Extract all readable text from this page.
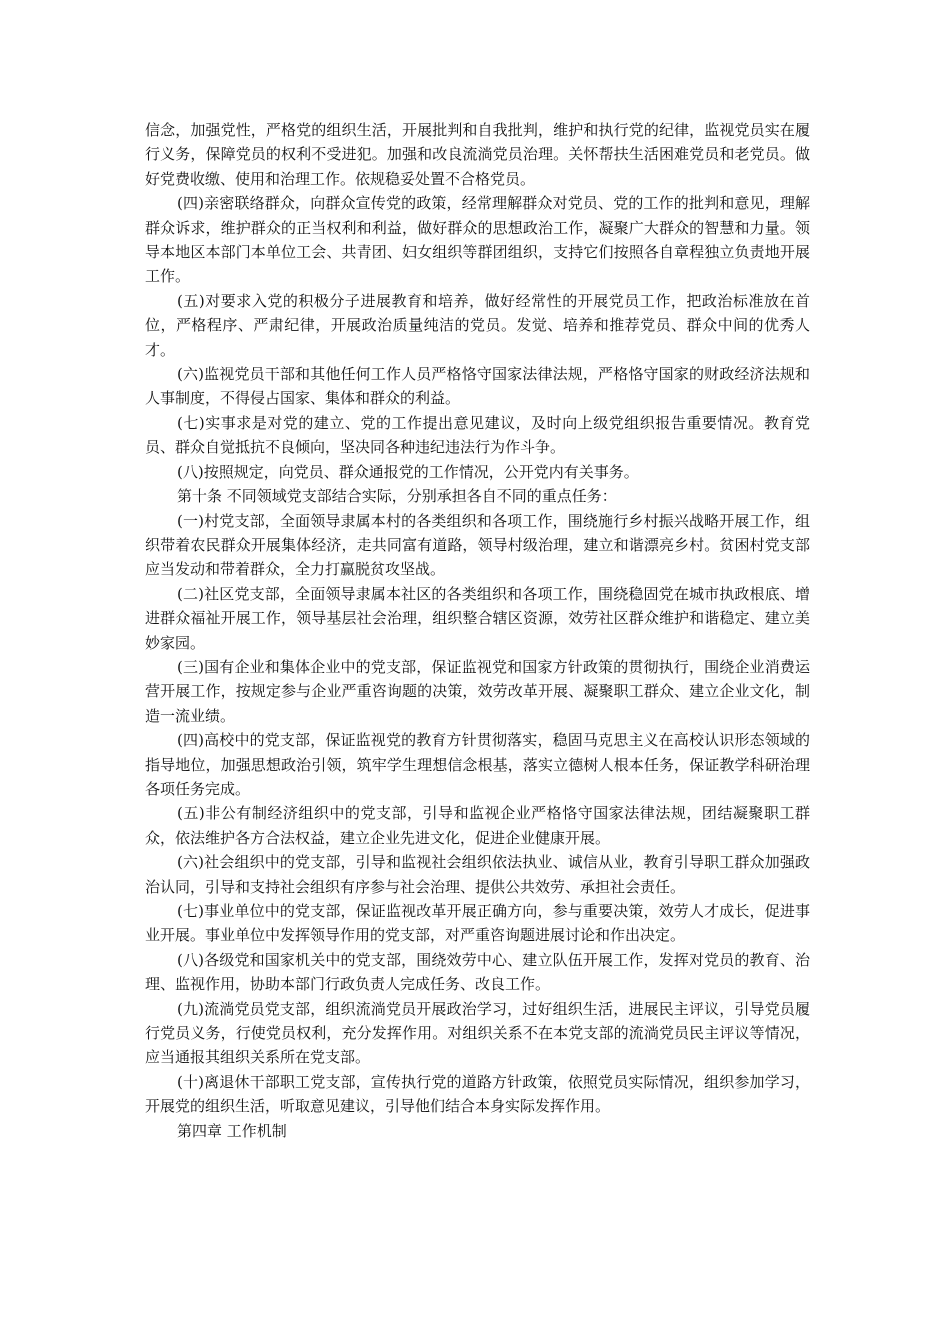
信念，加强党性，严格党的组织生活，开展批判和自我批判，维护和执行党的纪律，监视党员实在履行义务，保障党员的权利不受进犯。加强和改良流淌党员治理。关怀帮扶生活困难党员和老党员。做好党费收缴、使用和治理工作。依规稳妥处置不合格党员。

(四)亲密联络群众，向群众宣传党的政策，经常理解群众对党员、党的工作的批判和意见，理解群众诉求，维护群众的正当权利和利益，做好群众的思想政治工作，凝聚广大群众的智慧和力量。领导本地区本部门本单位工会、共青团、妇女组织等群团组织，支持它们按照各自章程独立负责地开展工作。

(五)对要求入党的积极分子进展教育和培养，做好经常性的开展党员工作，把政治标准放在首位，严格程序、严肃纪律，开展政治质量纯洁的党员。发觉、培养和推荐党员、群众中间的优秀人才。

(六)监视党员干部和其他任何工作人员严格恪守国家法律法规，严格恪守国家的财政经济法规和人事制度，不得侵占国家、集体和群众的利益。

(七)实事求是对党的建立、党的工作提出意见建议，及时向上级党组织报告重要情况。教育党员、群众自觉抵抗不良倾向，坚决同各种违纪违法行为作斗争。

(八)按照规定，向党员、群众通报党的工作情况，公开党内有关事务。

第十条 不同领域党支部结合实际，分别承担各自不同的重点任务：

(一)村党支部，全面领导隶属本村的各类组织和各项工作，围绕施行乡村振兴战略开展工作，组织带着农民群众开展集体经济，走共同富有道路，领导村级治理，建立和谐漂亮乡村。贫困村党支部应当发动和带着群众，全力打赢脱贫攻坚战。

(二)社区党支部，全面领导隶属本社区的各类组织和各项工作，围绕稳固党在城市执政根底、增进群众福祉开展工作，领导基层社会治理，组织整合辖区资源，效劳社区群众维护和谐稳定、建立美妙家园。

(三)国有企业和集体企业中的党支部，保证监视党和国家方针政策的贯彻执行，围绕企业消费运营开展工作，按规定参与企业严重咨询题的决策，效劳改革开展、凝聚职工群众、建立企业文化，制造一流业绩。

(四)高校中的党支部，保证监视党的教育方针贯彻落实，稳固马克思主义在高校认识形态领域的指导地位，加强思想政治引领，筑牢学生理想信念根基，落实立德树人根本任务，保证教学科研治理各项任务完成。

(五)非公有制经济组织中的党支部，引导和监视企业严格恪守国家法律法规，团结凝聚职工群众，依法维护各方合法权益，建立企业先进文化，促进企业健康开展。

(六)社会组织中的党支部，引导和监视社会组织依法执业、诚信从业，教育引导职工群众加强政治认同，引导和支持社会组织有序参与社会治理、提供公共效劳、承担社会责任。

(七)事业单位中的党支部，保证监视改革开展正确方向，参与重要决策，效劳人才成长，促进事业开展。事业单位中发挥领导作用的党支部，对严重咨询题进展讨论和作出决定。

(八)各级党和国家机关中的党支部，围绕效劳中心、建立队伍开展工作，发挥对党员的教育、治理、监视作用，协助本部门行政负责人完成任务、改良工作。

(九)流淌党员党支部，组织流淌党员开展政治学习，过好组织生活，进展民主评议，引导党员履行党员义务，行使党员权利，充分发挥作用。对组织关系不在本党支部的流淌党员民主评议等情况，应当通报其组织关系所在党支部。

(十)离退休干部职工党支部，宣传执行党的道路方针政策，依照党员实际情况，组织参加学习，开展党的组织生活，听取意见建议，引导他们结合本身实际发挥作用。

第四章 工作机制
